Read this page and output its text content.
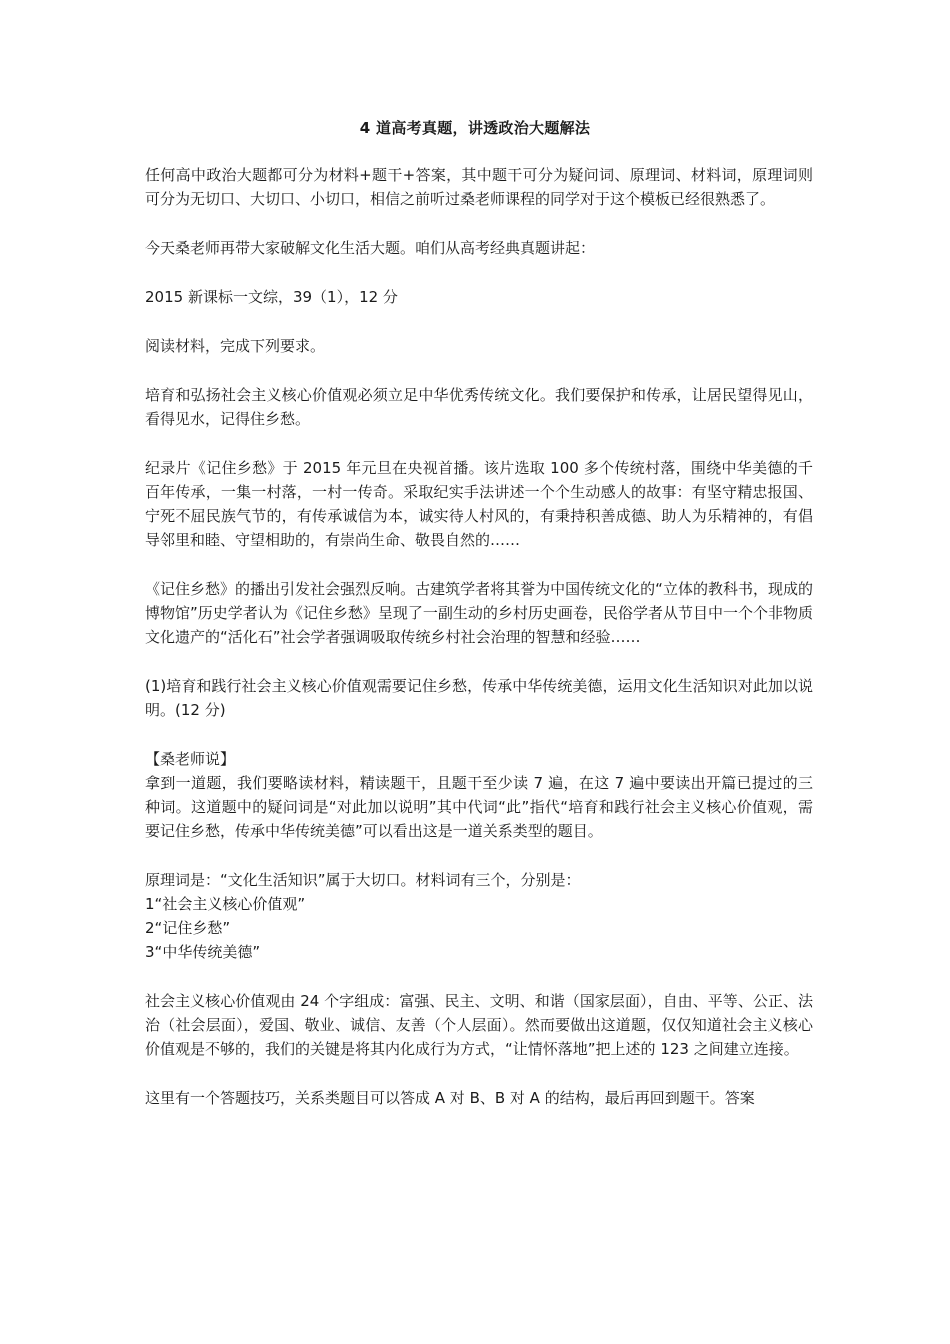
4 道高考真题，讲透政治大题解法

任何高中政治大题都可分为材料+题干+答案，其中题干可分为疑问词、原理词、材料词，原理词则可分为无切口、大切口、小切口，相信之前听过桑老师课程的同学对于这个模板已经很熟悉了。

今天桑老师再带大家破解文化生活大题。咱们从高考经典真题讲起：

2015 新课标一文综，39（1），12 分

阅读材料，完成下列要求。

培育和弘扬社会主义核心价值观必须立足中华优秀传统文化。我们要保护和传承，让居民望得见山，看得见水，记得住乡愁。

纪录片《记住乡愁》于 2015 年元旦在央视首播。该片选取 100 多个传统村落，围绕中华美德的千百年传承，一集一村落，一村一传奇。采取纪实手法讲述一个个生动感人的故事：有坚守精忠报国、宁死不屈民族气节的，有传承诚信为本，诚实待人村风的，有秉持积善成德、助人为乐精神的，有倡导邻里和睦、守望相助的，有崇尚生命、敬畏自然的……

《记住乡愁》的播出引发社会强烈反响。古建筑学者将其誉为中国传统文化的“立体的教科书，现成的博物馆”历史学者认为《记住乡愁》呈现了一副生动的乡村历史画卷，民俗学者从节目中一个个非物质文化遗产的“活化石”社会学者强调吸取传统乡村社会治理的智慧和经验……

(1)培育和践行社会主义核心价值观需要记住乡愁，传承中华传统美德，运用文化生活知识对此加以说明。(12 分)

【桑老师说】

拿到一道题，我们要略读材料，精读题干，且题干至少读 7 遍，在这 7 遍中要读出开篇已提过的三种词。这道题中的疑问词是“对此加以说明”其中代词“此”指代“培育和践行社会主义核心价值观，需要记住乡愁，传承中华传统美德”可以看出这是一道关系类型的题目。

原理词是：“文化生活知识”属于大切口。材料词有三个，分别是：
1“社会主义核心价值观”
2“记住乡愁”
3“中华传统美德”

社会主义核心价值观由 24 个字组成：富强、民主、文明、和谐（国家层面），自由、平等、公正、法治（社会层面），爱国、敬业、诚信、友善（个人层面）。然而要做出这道题，仅仅知道社会主义核心价值观是不够的，我们的关键是将其内化成行为方式，“让情怀落地”把上述的 123 之间建立连接。

这里有一个答题技巧，关系类题目可以答成 A 对 B、B 对 A 的结构，最后再回到题干。答案
